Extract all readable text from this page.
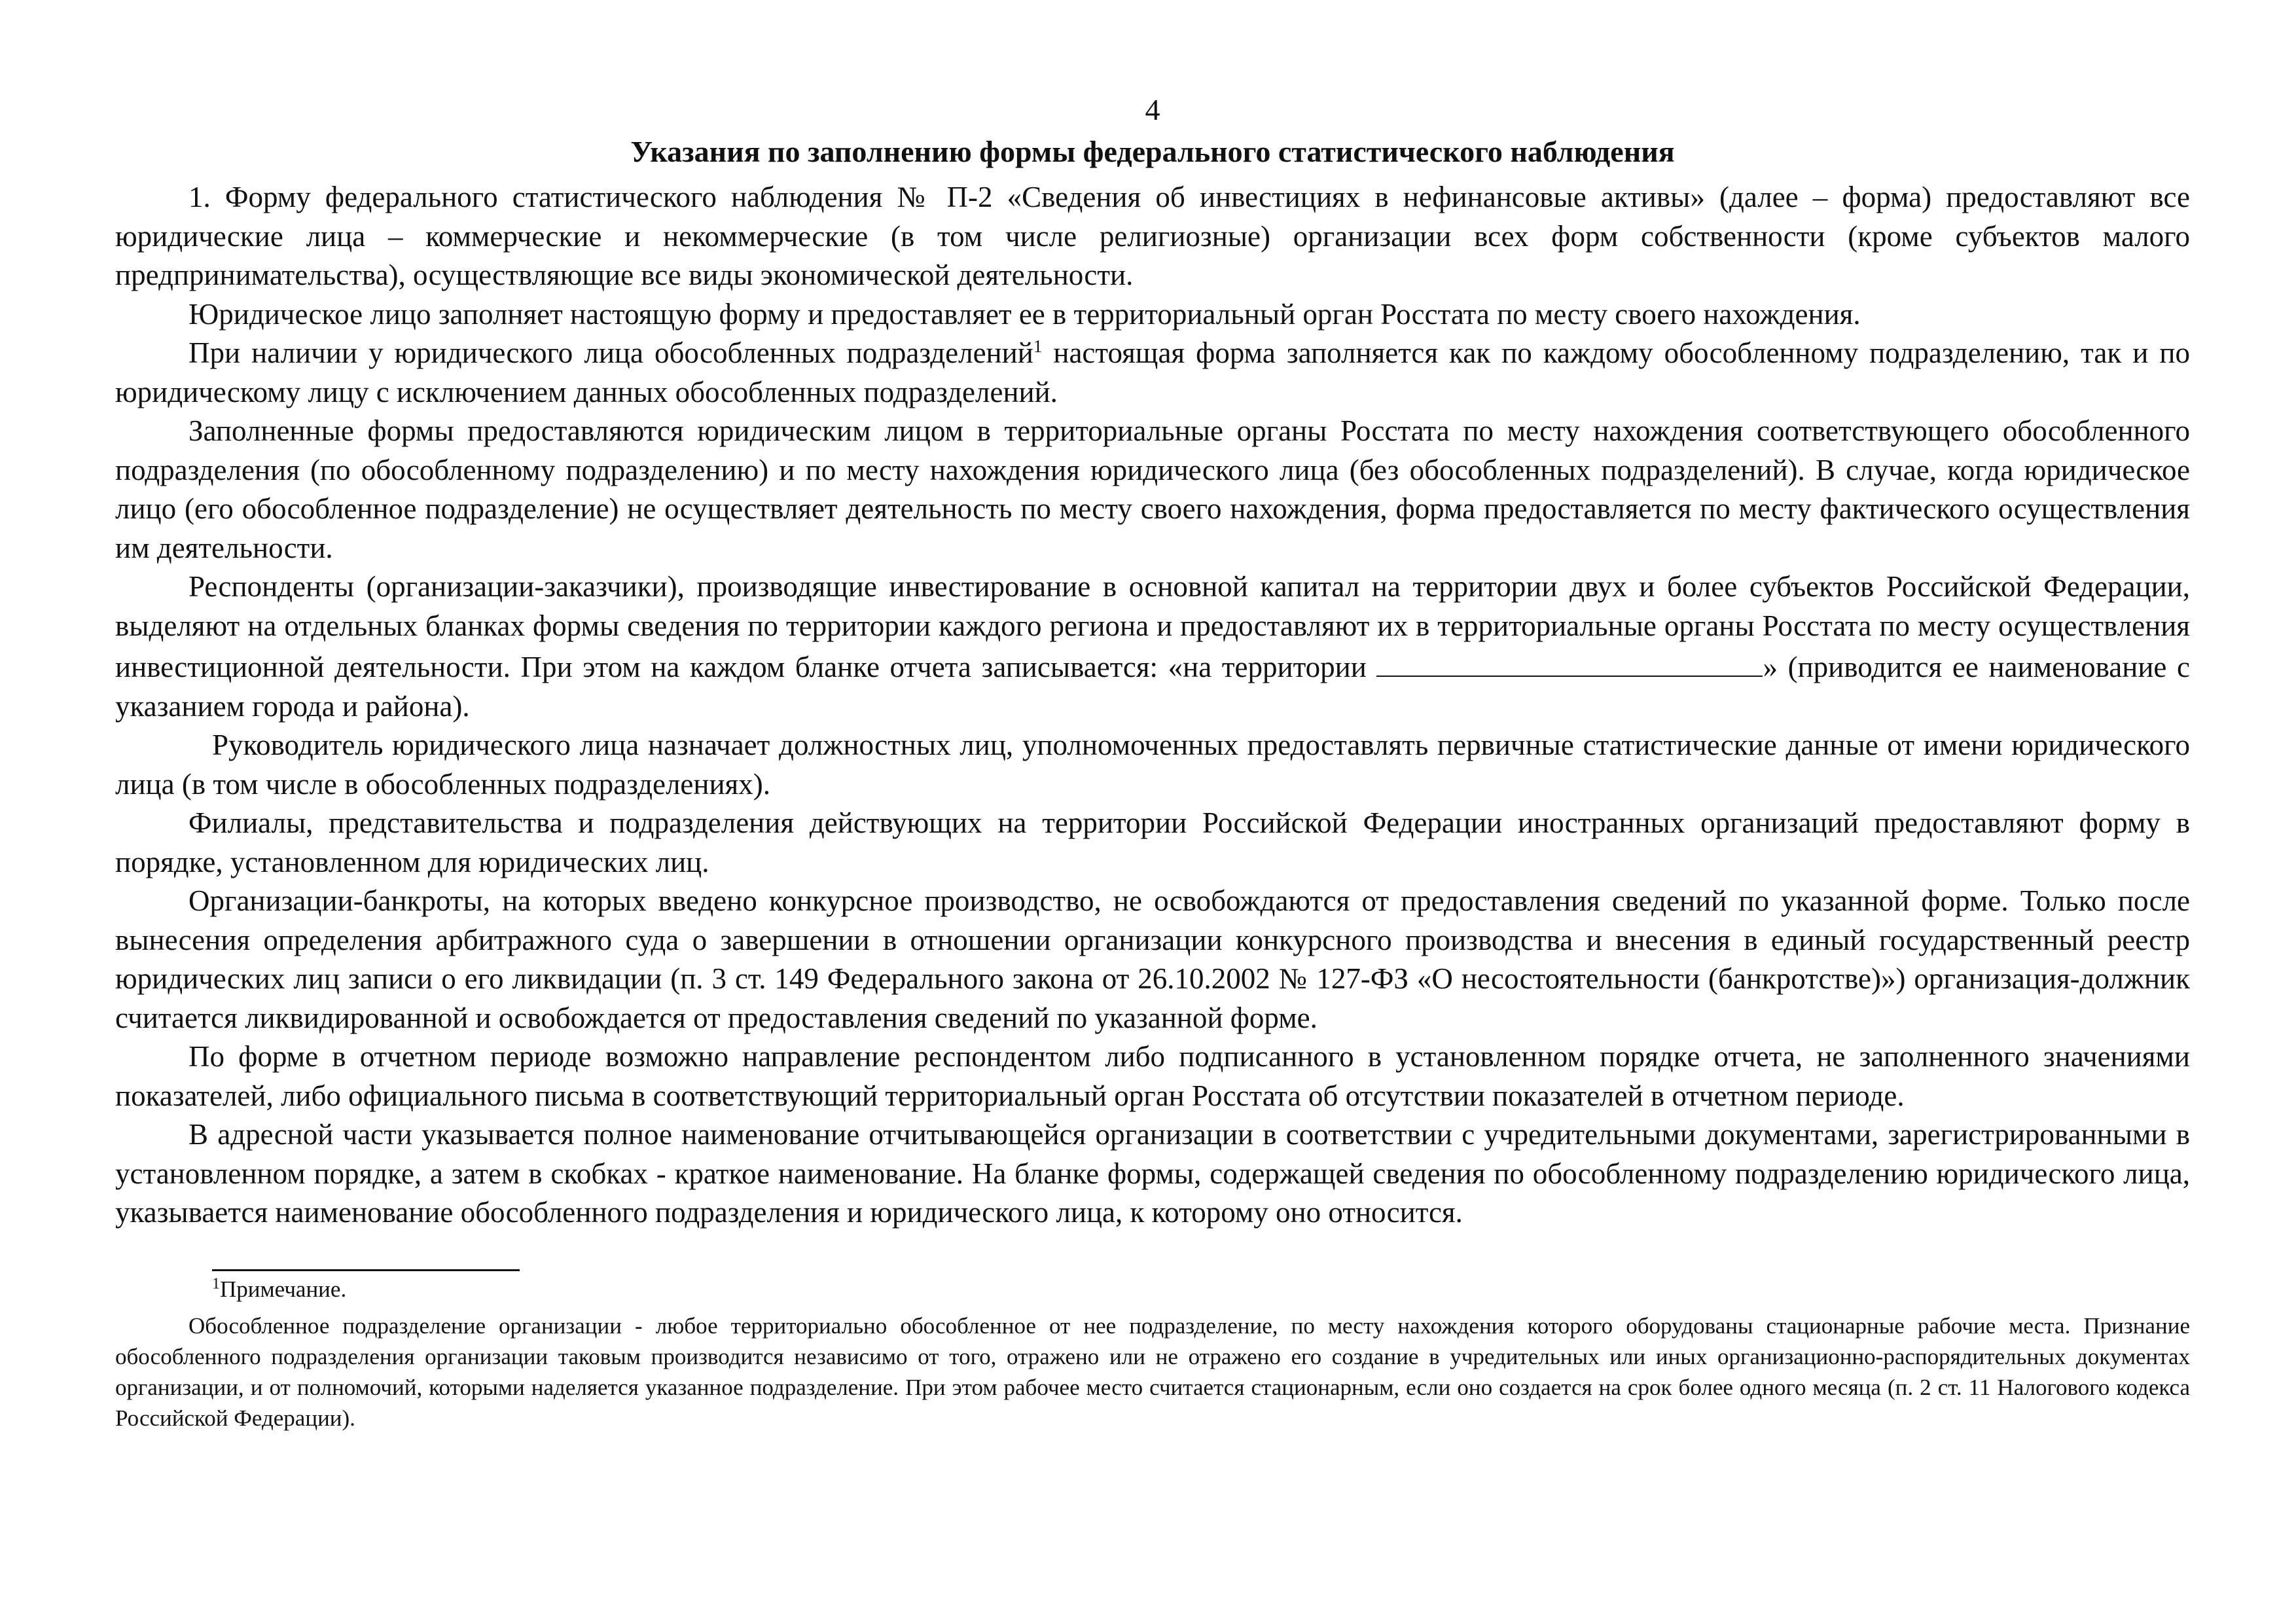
4
Указания по заполнению формы федерального статистического наблюдения

1. Форму федерального статистического наблюдения № П-2 «Сведения об инвестициях в нефинансовые активы» (далее – форма) предоставляют все юридические лица – коммерческие и некоммерческие (в том числе религиозные) организации всех форм собственности (кроме субъектов малого предпринимательства), осуществляющие все виды экономической деятельности.

Юридическое лицо заполняет настоящую форму и предоставляет ее в территориальный орган Росстата по месту своего нахождения.

При наличии у юридического лица обособленных подразделений$^1$ настоящая форма заполняется как по каждому обособленному подразделению, так и по юридическому лицу с исключением данных обособленных подразделений.

Заполненные формы предоставляются юридическим лицом в территориальные органы Росстата по месту нахождения соответствующего обособленного подразделения (по обособленному подразделению) и по месту нахождения юридического лица (без обособленных подразделений). В случае, когда юридическое лицо (его обособленное подразделение) не осуществляет деятельность по месту своего нахождения, форма предоставляется по месту фактического осуществления им деятельности.

Респонденты (организации-заказчики), производящие инвестирование в основной капитал на территории двух и более субъектов Российской Федерации, выделяют на отдельных бланках формы сведения по территории каждого региона и предоставляют их в территориальные органы Росстата по месту осуществления инвестиционной деятельности. При этом на каждом бланке отчета записывается: «на территории	» (приводится ее наименование с указанием города и района).

Руководитель юридического лица назначает должностных лиц, уполномоченных предоставлять первичные статистические данные от имени юридического лица (в том числе в обособленных подразделениях).

Филиалы, представительства и подразделения действующих на территории Российской Федерации иностранных организаций предоставляют форму в порядке, установленном для юридических лиц.

Организации-банкроты, на которых введено конкурсное производство, не освобождаются от предоставления сведений по указанной форме. Только после вынесения определения арбитражного суда о завершении в отношении организации конкурсного производства и внесения в единый государственный реестр юридических лиц записи о его ликвидации (п. 3 ст. 149 Федерального закона от 26.10.2002 № 127-ФЗ «О несостоятельности (банкротстве)») организация-должник считается ликвидированной и освобождается от предоставления сведений по указанной форме.

По форме в отчетном периоде возможно направление респондентом либо подписанного в установленном порядке отчета, не заполненного значениями показателей, либо официального письма в соответствующий территориальный орган Росстата об отсутствии показателей в отчетном периоде.

В адресной части указывается полное наименование отчитывающейся организации в соответствии с учредительными документами, зарегистрированными в установленном порядке, а затем в скобках - краткое наименование. На бланке формы, содержащей сведения по обособленному подразделению юридического лица, указывается наименование обособленного подразделения и юридического лица, к которому оно относится.

$^1$Примечание.

Обособленное подразделение организации - любое территориально обособленное от нее подразделение, по месту нахождения которого оборудованы стационарные рабочие места. Признание обособленного подразделения организации таковым производится независимо от того, отражено или не отражено его создание в учредительных или иных организационно-распорядительных документах организации, и от полномочий, которыми наделяется указанное подразделение. При этом рабочее место считается стационарным, если оно создается на срок более одного месяца (п. 2 ст. 11 Налогового кодекса Российской Федерации).
